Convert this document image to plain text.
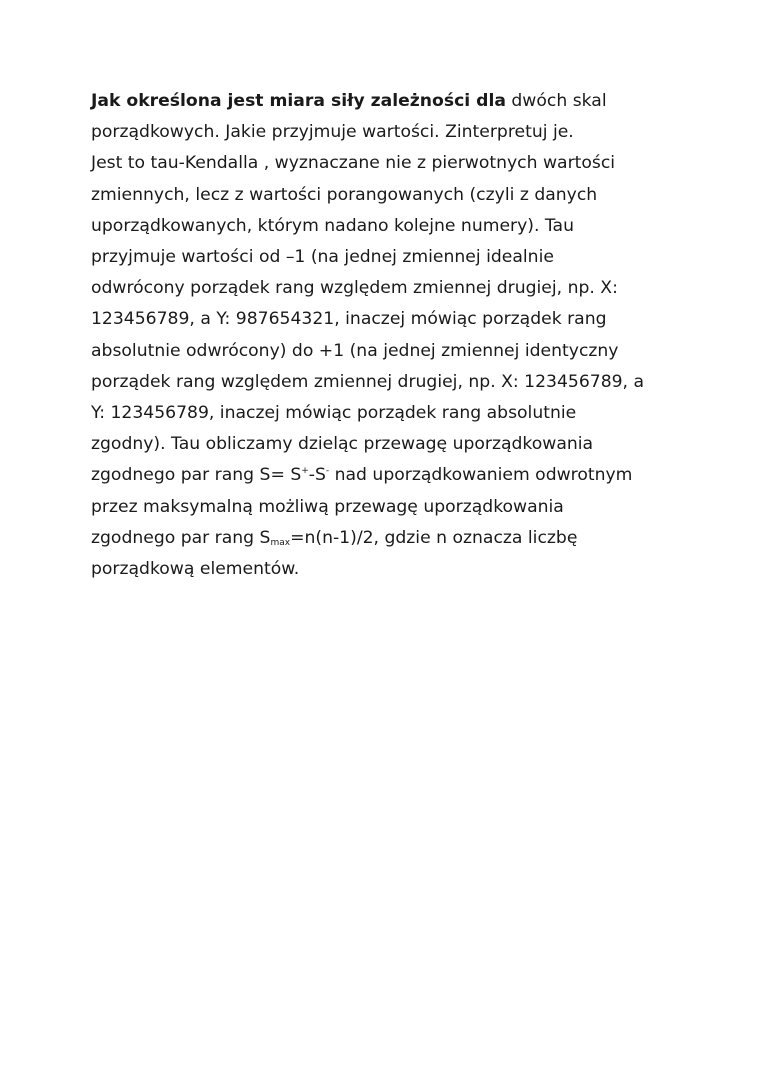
Jak określona jest miara siły zależności dla dwóch skal
porządkowych. Jakie przyjmuje wartości. Zinterpretuj je.
Jest to tau-Kendalla , wyznaczane nie z pierwotnych wartości
zmiennych, lecz z wartości porangowanych (czyli z danych
uporządkowanych, którym nadano kolejne numery). Tau
przyjmuje wartości od –1 (na jednej zmiennej idealnie
odwrócony porządek rang względem zmiennej drugiej, np. X:
123456789, a Y: 987654321, inaczej mówiąc porządek rang
absolutnie odwrócony) do +1 (na jednej zmiennej identyczny
porządek rang względem zmiennej drugiej, np. X: 123456789, a
Y: 123456789, inaczej mówiąc porządek rang absolutnie
zgodny). Tau obliczamy dzieląc przewagę uporządkowania
zgodnego par rang S= S+-S- nad uporządkowaniem odwrotnym
przez maksymalną możliwą przewagę uporządkowania
zgodnego par rang $S_{max}=n(n-1)/2$, gdzie n oznacza liczbę
porządkową elementów.
